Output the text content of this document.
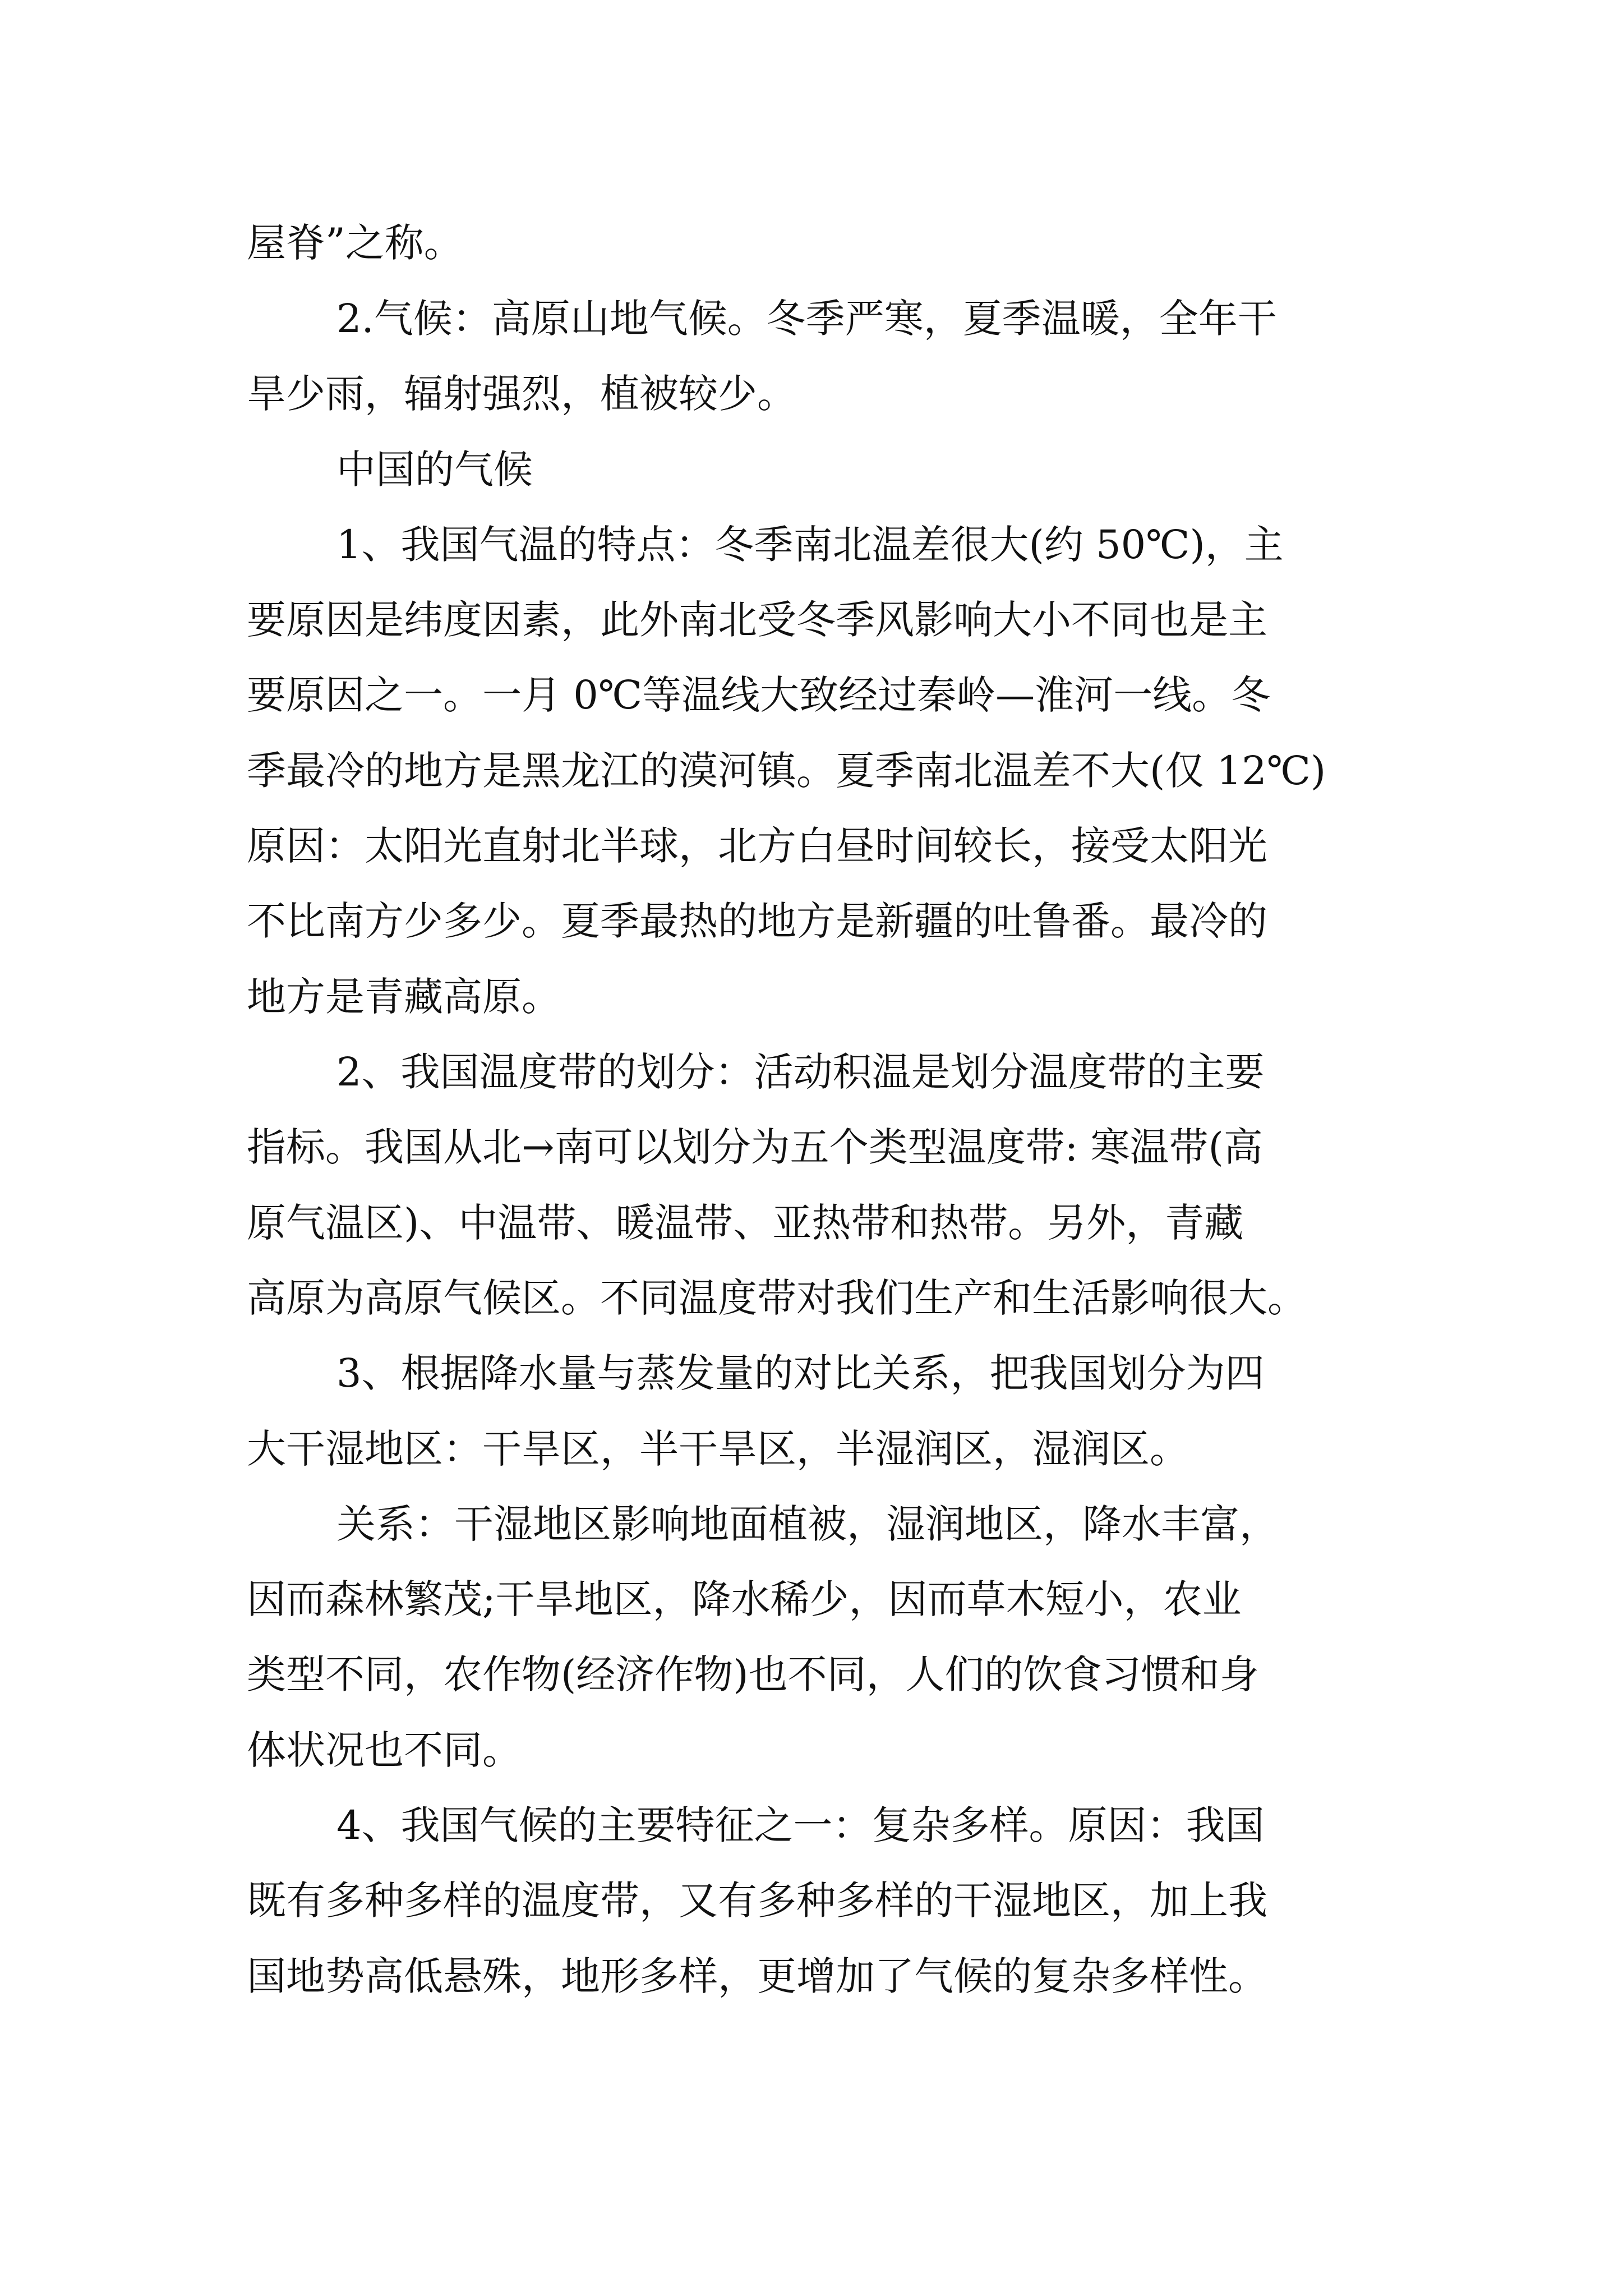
屋脊”之称。
2.气候：高原山地气候。冬季严寒，夏季温暖，全年干
旱少雨，辐射强烈，植被较少。
中国的气候
1、我国气温的特点：冬季南北温差很大(约 50℃)，主
要原因是纬度因素，此外南北受冬季风影响大小不同也是主
要原因之一。一月 0℃等温线大致经过秦岭—淮河一线。冬
季最冷的地方是黑龙江的漠河镇。夏季南北温差不大(仅 12℃)
原因：太阳光直射北半球，北方白昼时间较长，接受太阳光
不比南方少多少。夏季最热的地方是新疆的吐鲁番。最冷的
地方是青藏高原。
2、我国温度带的划分：活动积温是划分温度带的主要
指标。我国从北→南可以划分为五个类型温度带: 寒温带(高
原气温区)、中温带、暖温带、亚热带和热带。另外，青藏
高原为高原气候区。不同温度带对我们生产和生活影响很大。
3、根据降水量与蒸发量的对比关系，把我国划分为四
大干湿地区：干旱区，半干旱区，半湿润区，湿润区。
关系：干湿地区影响地面植被，湿润地区，降水丰富，
因而森林繁茂;干旱地区，降水稀少，因而草木短小，农业
类型不同，农作物(经济作物)也不同，人们的饮食习惯和身
体状况也不同。
4、我国气候的主要特征之一：复杂多样。原因：我国
既有多种多样的温度带，又有多种多样的干湿地区，加上我
国地势高低悬殊，地形多样，更增加了气候的复杂多样性。
